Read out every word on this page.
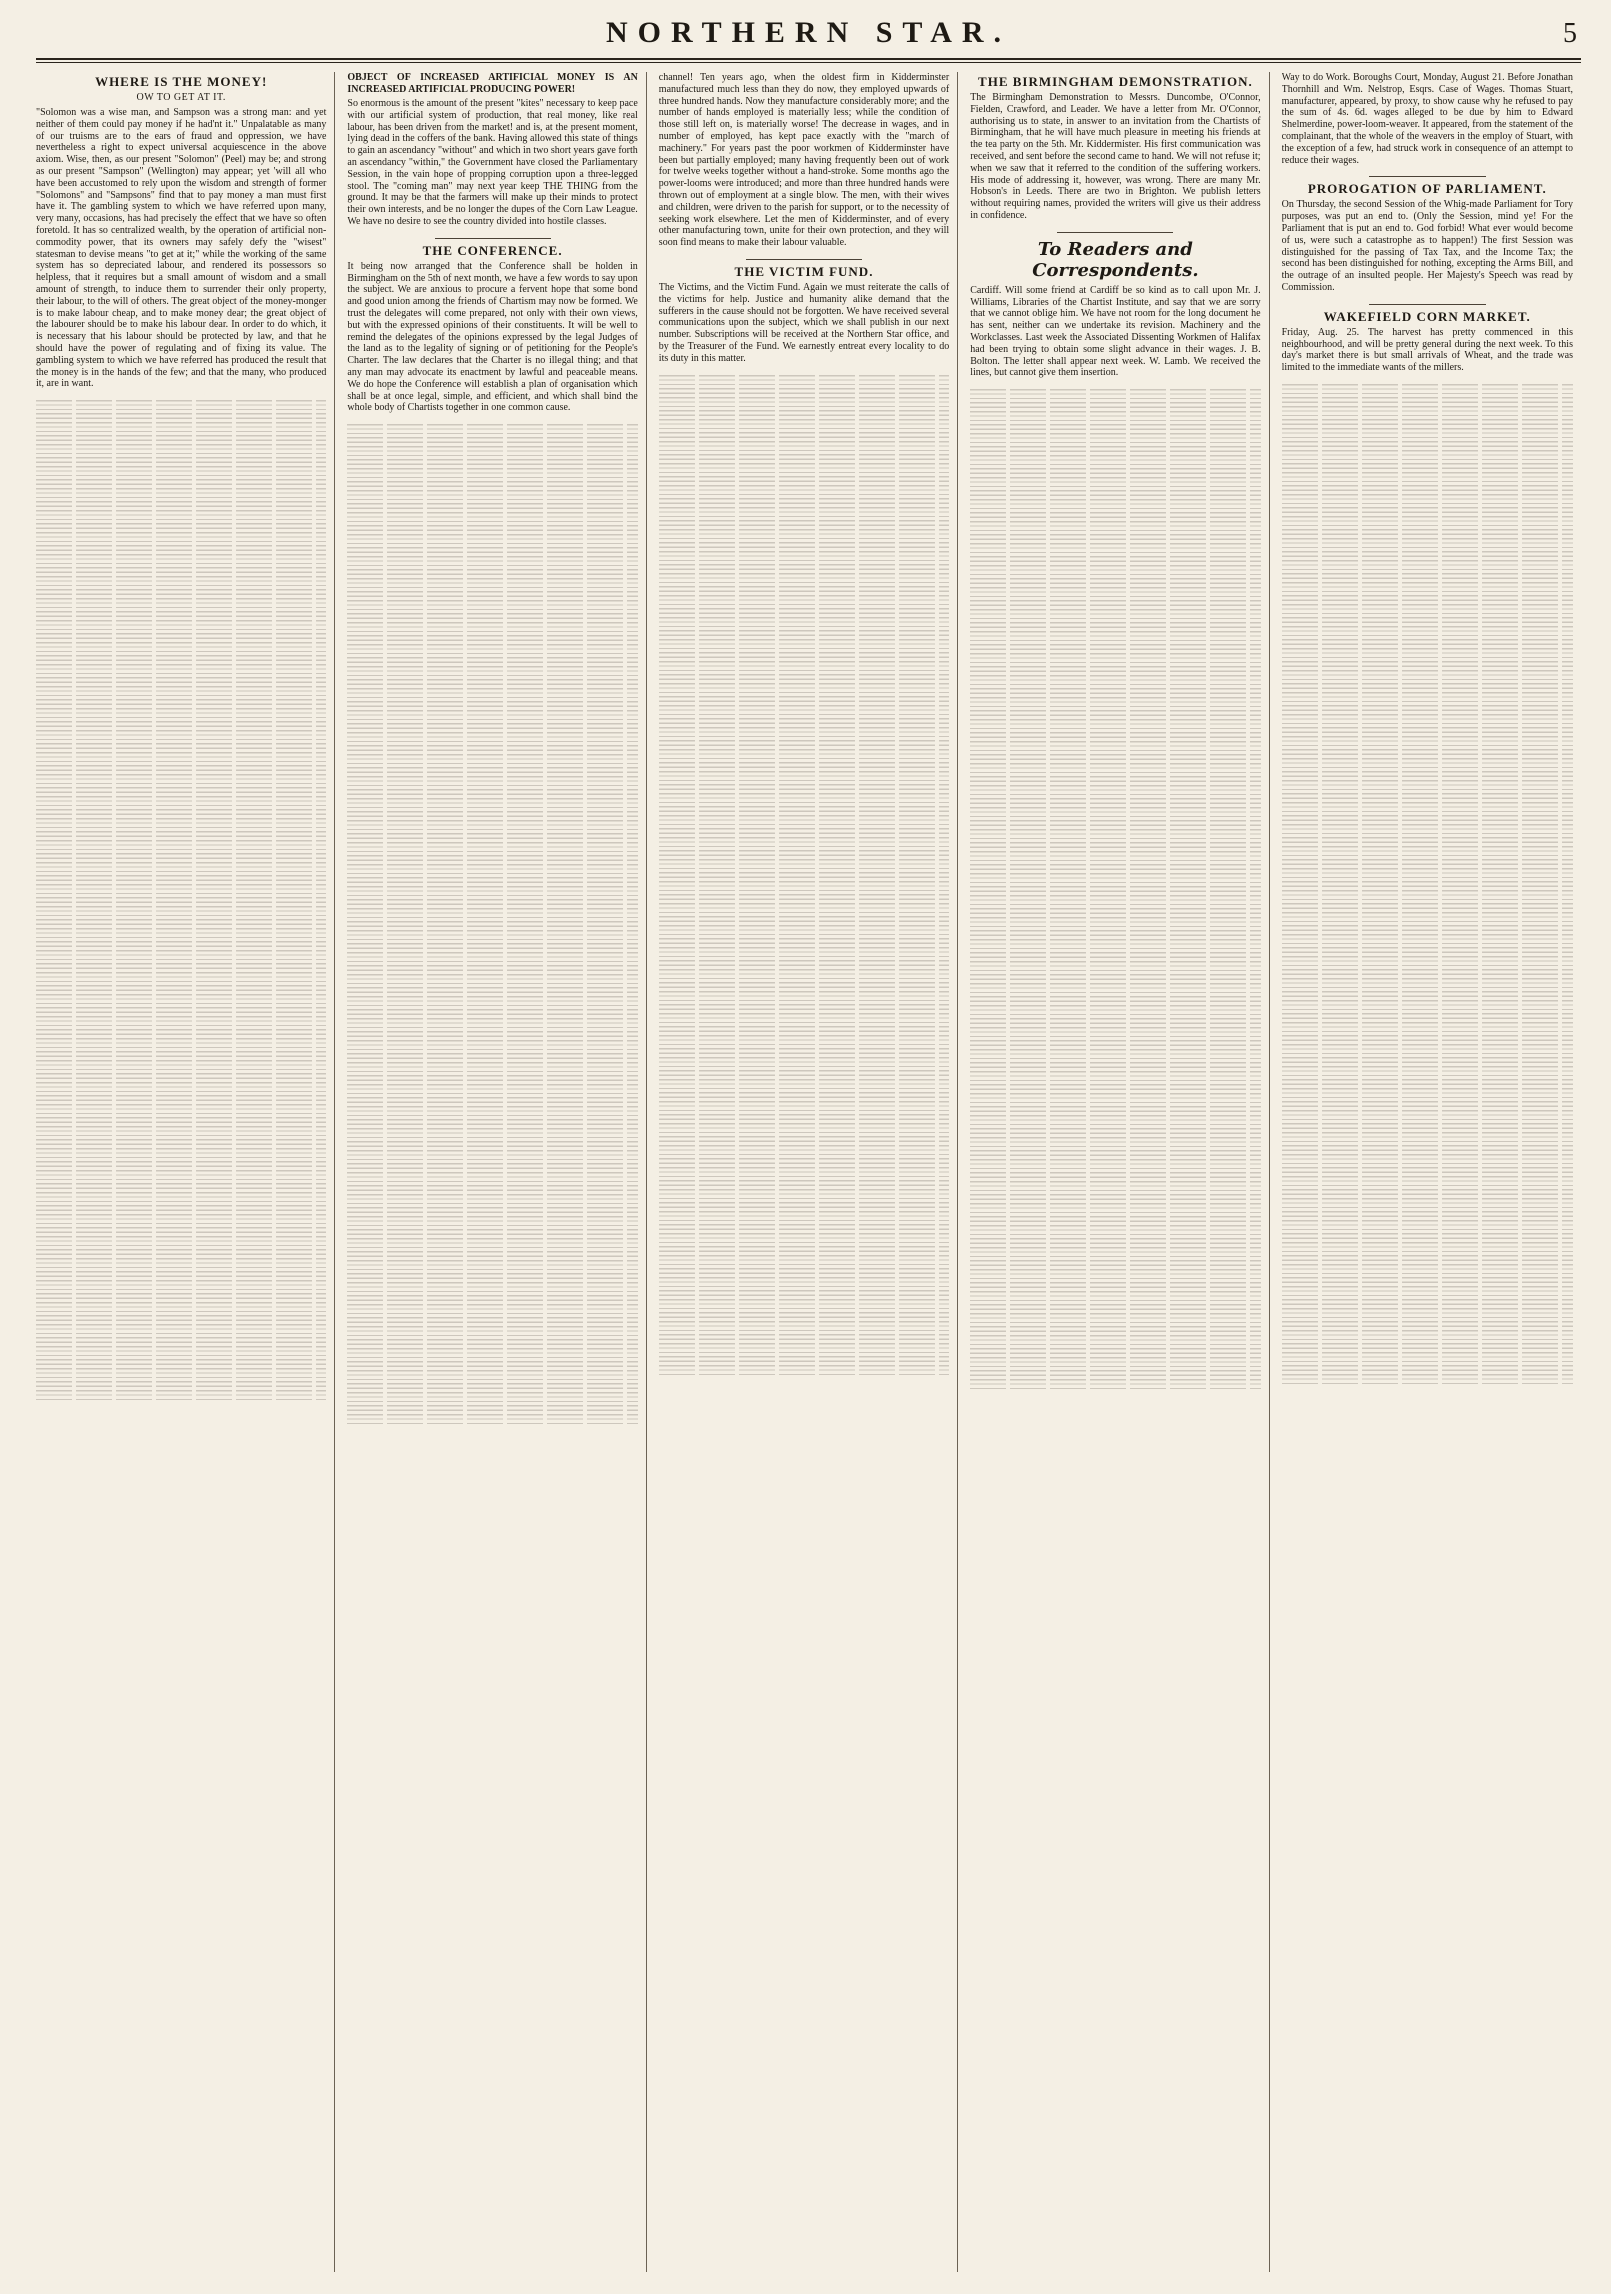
NORTHERN STAR.	5
WHERE IS THE MONEY!
OW TO GET AT IT.

"Solomon was a wise man, and Sampson was a strong man: and yet neither of them could pay money if he had'nt it." Unpalatable as many of our truisms are to the ears of fraud and oppression, we have nevertheless a right to expect universal acquiescence in the above axiom. Wise, then, as our present "Solomon" (Peel) may be; and strong as our present "Sampson" (Wellington) may appear; yet 'will all who have been accustomed to rely upon the wisdom and strength of former "Solomons" and "Sampsons" find that to pay money a man must first have it. The gambling system to which we have referred upon many, very many, occasions, has had precisely the effect that we have so often foretold. It has so centralized wealth, by the operation of artificial non-commodity power, that its owners may safely defy the "wisest" statesman to devise means "to get at it;" while the working of the same system has so depreciated labour, and rendered its possessors so helpless, that it requires but a small amount of wisdom and a small amount of strength, to induce them to surrender their only property, their labour, to the will of others. The great object of the money-monger is to make labour cheap, and to make money dear; the great object of the labourer should be to make his labour dear. In order to do which, it is necessary that his labour should be protected by law, and that he should have the power of regulating and of fixing its value. The gambling system to which we have referred has produced the result that the money is in the hands of the few; and that the many, who produced it, are in want.

OBJECT OF INCREASED ARTIFICIAL MONEY IS AN INCREASED ARTIFICIAL PRODUCING POWER!

So enormous is the amount of the present "kites" necessary to keep pace with our artificial system of production, that real money, like real labour, has been driven from the market! and is, at the present moment, lying dead in the coffers of the bank. Having allowed this state of things to gain an ascendancy "without" and which in two short years gave forth an ascendancy "within," the Government have closed the Parliamentary Session, in the vain hope of propping corruption upon a three-legged stool. The "coming man" may next year keep THE THING from the ground. It may be that the farmers will make up their minds to protect their own interests, and be no longer the dupes of the Corn Law League. We have no desire to see the country divided into hostile classes.

THE CONFERENCE.

It being now arranged that the Conference shall be holden in Birmingham on the 5th of next month, we have a few words to say upon the subject. We are anxious to procure a fervent hope that some bond and good union among the friends of Chartism may now be formed. We trust the delegates will come prepared, not only with their own views, but with the expressed opinions of their constituents. It will be well to remind the delegates of the opinions expressed by the legal Judges of the land as to the legality of signing or of petitioning for the People's Charter. The law declares that the Charter is no illegal thing; and that any man may advocate its enactment by lawful and peaceable means. We do hope the Conference will establish a plan of organisation which shall be at once legal, simple, and efficient, and which shall bind the whole body of Chartists together in one common cause.

channel! Ten years ago, when the oldest firm in Kidderminster manufactured much less than they do now, they employed upwards of three hundred hands. Now they manufacture considerably more; and the number of hands employed is materially less; while the condition of those still left on, is materially worse! The decrease in wages, and in number of employed, has kept pace exactly with the "march of machinery." For years past the poor workmen of Kidderminster have been but partially employed; many having frequently been out of work for twelve weeks together without a hand-stroke. Some months ago the power-looms were introduced; and more than three hundred hands were thrown out of employment at a single blow. The men, with their wives and children, were driven to the parish for support, or to the necessity of seeking work elsewhere. Let the men of Kidderminster, and of every other manufacturing town, unite for their own protection, and they will soon find means to make their labour valuable.

THE VICTIM FUND.

The Victims, and the Victim Fund. Again we must reiterate the calls of the victims for help. Justice and humanity alike demand that the sufferers in the cause should not be forgotten. We have received several communications upon the subject, which we shall publish in our next number. Subscriptions will be received at the Northern Star office, and by the Treasurer of the Fund. We earnestly entreat every locality to do its duty in this matter.

THE BIRMINGHAM DEMONSTRATION.

The Birmingham Demonstration to Messrs. Duncombe, O'Connor, Fielden, Crawford, and Leader. We have a letter from Mr. O'Connor, authorising us to state, in answer to an invitation from the Chartists of Birmingham, that he will have much pleasure in meeting his friends at the tea party on the 5th. Mr. Kiddermister. His first communication was received, and sent before the second came to hand. We will not refuse it; when we saw that it referred to the condition of the suffering workers. His mode of addressing it, however, was wrong. There are many Mr. Hobson's in Leeds. There are two in Brighton. We publish letters without requiring names, provided the writers will give us their address in confidence.

To Readers and Correspondents.

Cardiff. Will some friend at Cardiff be so kind as to call upon Mr. J. Williams, Libraries of the Chartist Institute, and say that we are sorry that we cannot oblige him. We have not room for the long document he has sent, neither can we undertake its revision. Machinery and the Workclasses. Last week the Associated Dissenting Workmen of Halifax had been trying to obtain some slight advance in their wages. J. B. Bolton. The letter shall appear next week. W. Lamb. We received the lines, but cannot give them insertion.

Way to do Work. Boroughs Court, Monday, August 21. Before Jonathan Thornhill and Wm. Nelstrop, Esqrs. Case of Wages. Thomas Stuart, manufacturer, appeared, by proxy, to show cause why he refused to pay the sum of 4s. 6d. wages alleged to be due by him to Edward Shelmerdine, power-loom-weaver. It appeared, from the statement of the complainant, that the whole of the weavers in the employ of Stuart, with the exception of a few, had struck work in consequence of an attempt to reduce their wages.

PROROGATION OF PARLIAMENT.

On Thursday, the second Session of the Whig-made Parliament for Tory purposes, was put an end to. (Only the Session, mind ye! For the Parliament that is put an end to. God forbid! What ever would become of us, were such a catastrophe as to happen!) The first Session was distinguished for the passing of Tax Tax, and the Income Tax; the second has been distinguished for nothing, excepting the Arms Bill, and the outrage of an insulted people. Her Majesty's Speech was read by Commission.

WAKEFIELD CORN MARKET.

Friday, Aug. 25. The harvest has pretty commenced in this neighbourhood, and will be pretty general during the next week. To this day's market there is but small arrivals of Wheat, and the trade was limited to the immediate wants of the millers.
